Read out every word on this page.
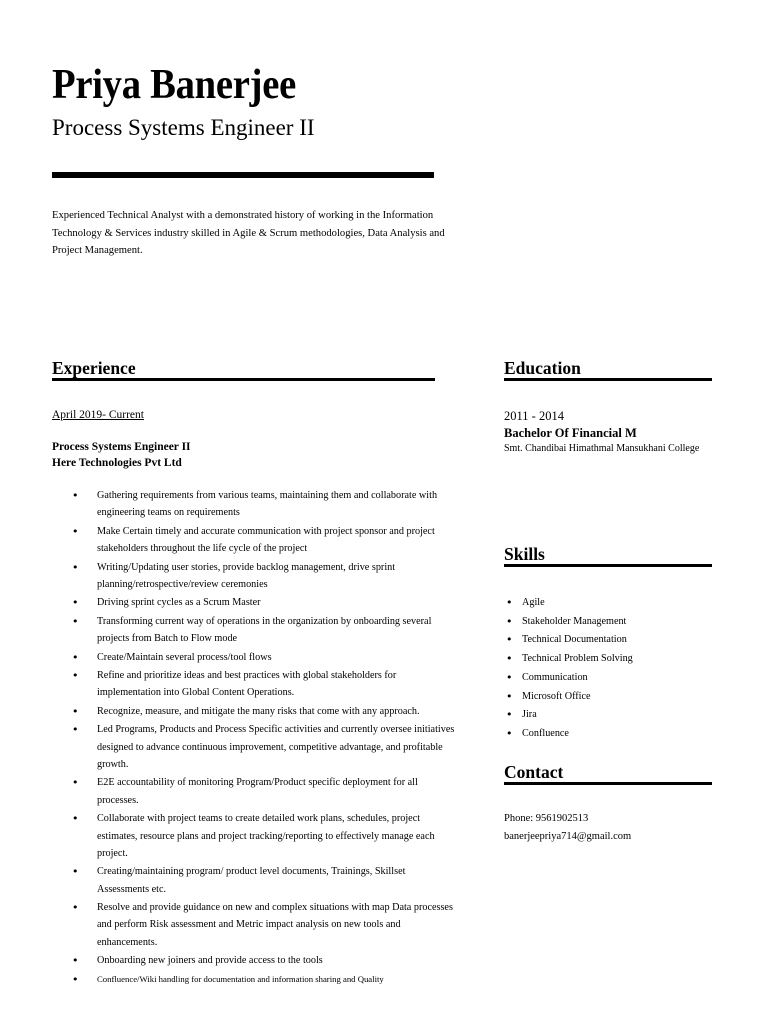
Priya Banerjee
Process Systems Engineer II

Experienced Technical Analyst with a demonstrated history of working in the Information Technology & Services industry skilled in Agile & Scrum methodologies, Data Analysis and Project Management.

Experience
April 2019- Current
Process Systems Engineer II
Here Technologies Pvt Ltd
• Gathering requirements from various teams, maintaining them and collaborate with engineering teams on requirements
• Make Certain timely and accurate communication with project sponsor and project stakeholders throughout the life cycle of the project
• Writing/Updating user stories, provide backlog management, drive sprint planning/retrospective/review ceremonies
• Driving sprint cycles as a Scrum Master
• Transforming current way of operations in the organization by onboarding several projects from Batch to Flow mode
• Create/Maintain several process/tool flows
• Refine and prioritize ideas and best practices with global stakeholders for implementation into Global Content Operations.
• Recognize, measure, and mitigate the many risks that come with any approach.
• Led Programs, Products and Process Specific activities and currently oversee initiatives designed to advance continuous improvement, competitive advantage, and profitable growth.
• E2E accountability of monitoring Program/Product specific deployment for all processes.
• Collaborate with project teams to create detailed work plans, schedules, project estimates, resource plans and project tracking/reporting to effectively manage each project.
• Creating/maintaining program/ product level documents, Trainings, Skillset Assessments etc.
• Resolve and provide guidance on new and complex situations with map Data processes and perform Risk assessment and Metric impact analysis on new tools and enhancements.
• Onboarding new joiners and provide access to the tools
• Confluence/Wiki handling for documentation and information sharing and Quality
Education
2011 - 2014
Bachelor Of Financial M
Smt. Chandibai Himathmal Mansukhani College
Skills
• Agile
• Stakeholder Management
• Technical Documentation
• Technical Problem Solving
• Communication
• Microsoft Office
• Jira
• Confluence
Contact
Phone: 9561902513
banerjeepriya714@gmail.com
